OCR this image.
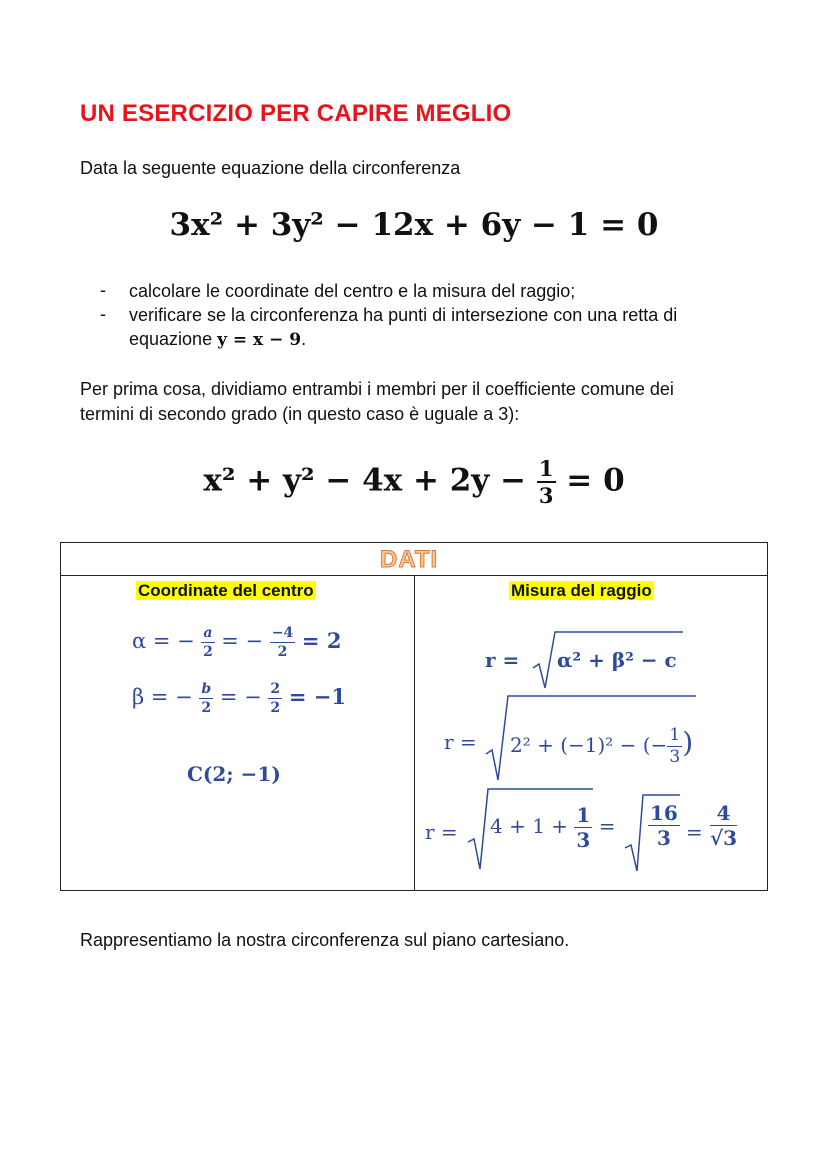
UN ESERCIZIO PER CAPIRE MEGLIO
Data la seguente equazione della circonferenza
3x² + 3y² − 12x + 6y − 1 = 0
- calcolare le coordinate del centro e la misura del raggio;
- verificare se la circonferenza ha punti di intersezione con una retta di
equazione y = x − 9.
Per prima cosa, dividiamo entrambi i membri per il coefficiente comune dei
termini di secondo grado (in questo caso è uguale a 3):
$x^2 + y^2 - 4x + 2y - \frac{1}{3} = 0$
DATI
Coordinate del centro	Misura del raggio
α = − $\frac{a}{2}$ = − $\frac{-4}{2} = 2$
β = − $\frac{b}{2}$ = − $\frac{2}{2} = -1$
C(2; −1)
r = α² + β² − c
r = 2² + (−1)² − (− $\frac{1}{3}$ )
$r = 4 + 1 + \frac{1}{3} = \frac{16}{3} = \frac{4}{√3}$
Rappresentiamo la nostra circonferenza sul piano cartesiano.
